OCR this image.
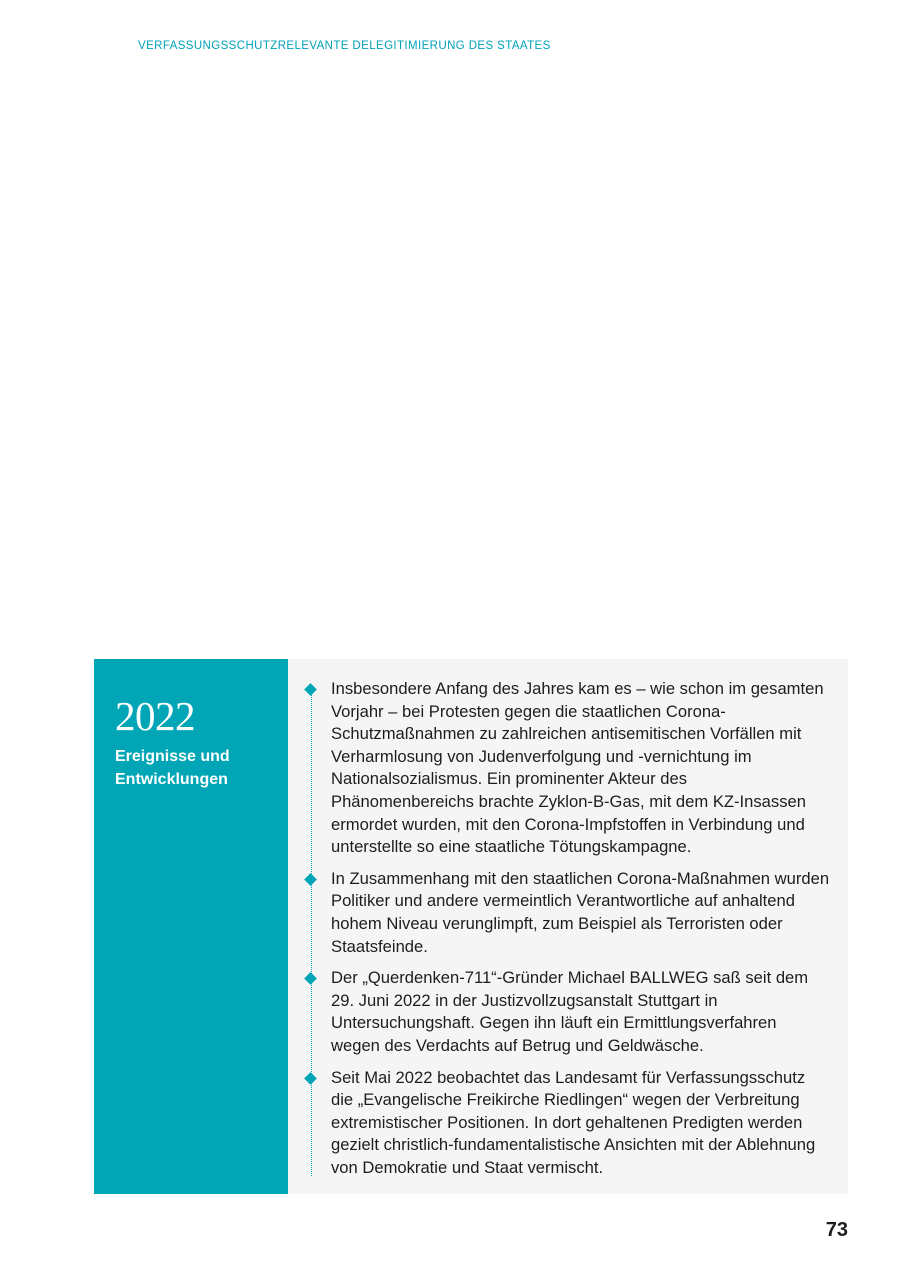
VERFASSUNGSSCHUTZRELEVANTE DELEGITIMIERUNG DES STAATES
2022
Ereignisse und
Entwicklungen
Insbesondere Anfang des Jahres kam es – wie schon im gesamten Vorjahr – bei Protesten gegen die staatlichen Corona-Schutzmaßnahmen zu zahlreichen antisemitischen Vorfällen mit Verharmlosung von Judenverfolgung und -vernichtung im Nationalsozialismus. Ein prominenter Akteur des Phänomenbereichs brachte Zyklon-B-Gas, mit dem KZ-Insassen ermordet wurden, mit den Corona-Impfstoffen in Verbindung und unterstellte so eine staatliche Tötungskampagne.
In Zusammenhang mit den staatlichen Corona-Maßnahmen wurden Politiker und andere vermeintlich Verantwortliche auf anhaltend hohem Niveau verunglimpft, zum Beispiel als Terroristen oder Staatsfeinde.
Der „Querdenken-711“-Gründer Michael BALLWEG saß seit dem 29. Juni 2022 in der Justizvollzugsanstalt Stuttgart in Untersuchungshaft. Gegen ihn läuft ein Ermittlungsverfahren wegen des Verdachts auf Betrug und Geldwäsche.
Seit Mai 2022 beobachtet das Landesamt für Verfassungsschutz die „Evangelische Freikirche Riedlingen“ wegen der Verbreitung extremistischer Positionen. In dort gehaltenen Predigten werden gezielt christlich-fundamentalistische Ansichten mit der Ablehnung von Demokratie und Staat vermischt.
73
